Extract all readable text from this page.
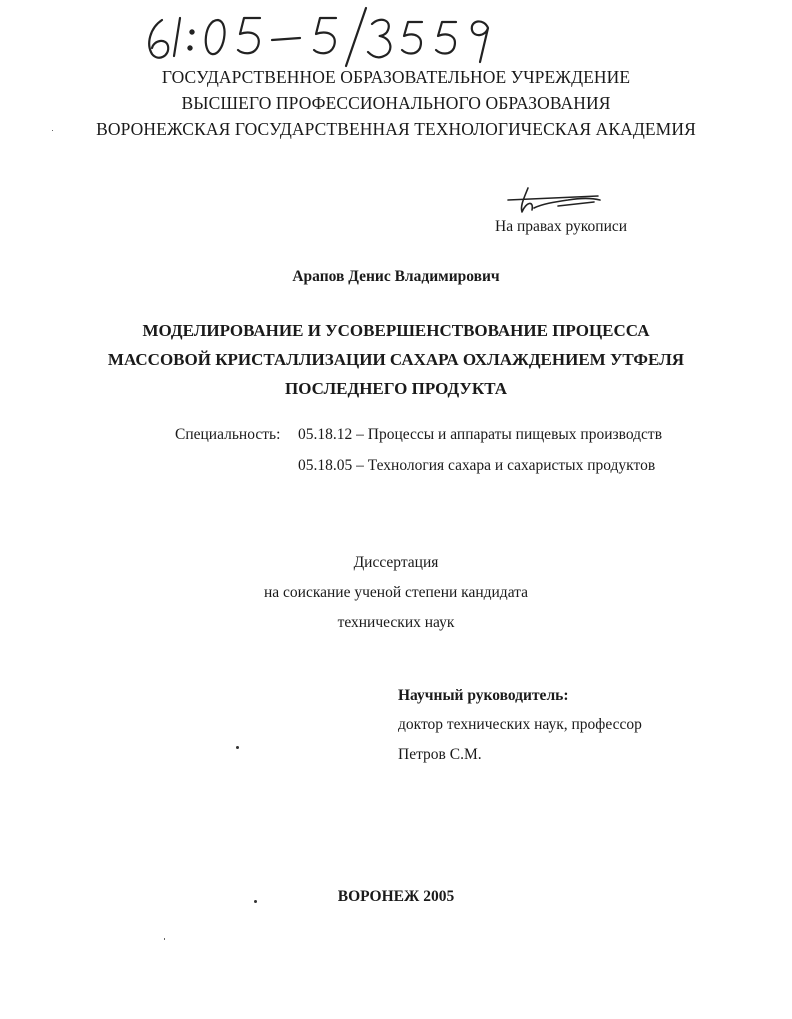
ГОСУДАРСТВЕННОЕ ОБРАЗОВАТЕЛЬНОЕ УЧРЕЖДЕНИЕ
ВЫСШЕГО ПРОФЕССИОНАЛЬНОГО ОБРАЗОВАНИЯ
ВОРОНЕЖСКАЯ ГОСУДАРСТВЕННАЯ ТЕХНОЛОГИЧЕСКАЯ АКАДЕМИЯ
На правах рукописи
Арапов Денис Владимирович
МОДЕЛИРОВАНИЕ И УСОВЕРШЕНСТВОВАНИЕ ПРОЦЕССА
МАССОВОЙ КРИСТАЛЛИЗАЦИИ САХАРА ОХЛАЖДЕНИЕМ УТФЕЛЯ
ПОСЛЕДНЕГО ПРОДУКТА
Специальность: 05.18.12 – Процессы и аппараты пищевых производств
05.18.05 – Технология сахара и сахаристых продуктов
Диссертация
на соискание ученой степени кандидата
технических наук
Научный руководитель:
доктор технических наук, профессор
Петров С.М.
ВОРОНЕЖ 2005
